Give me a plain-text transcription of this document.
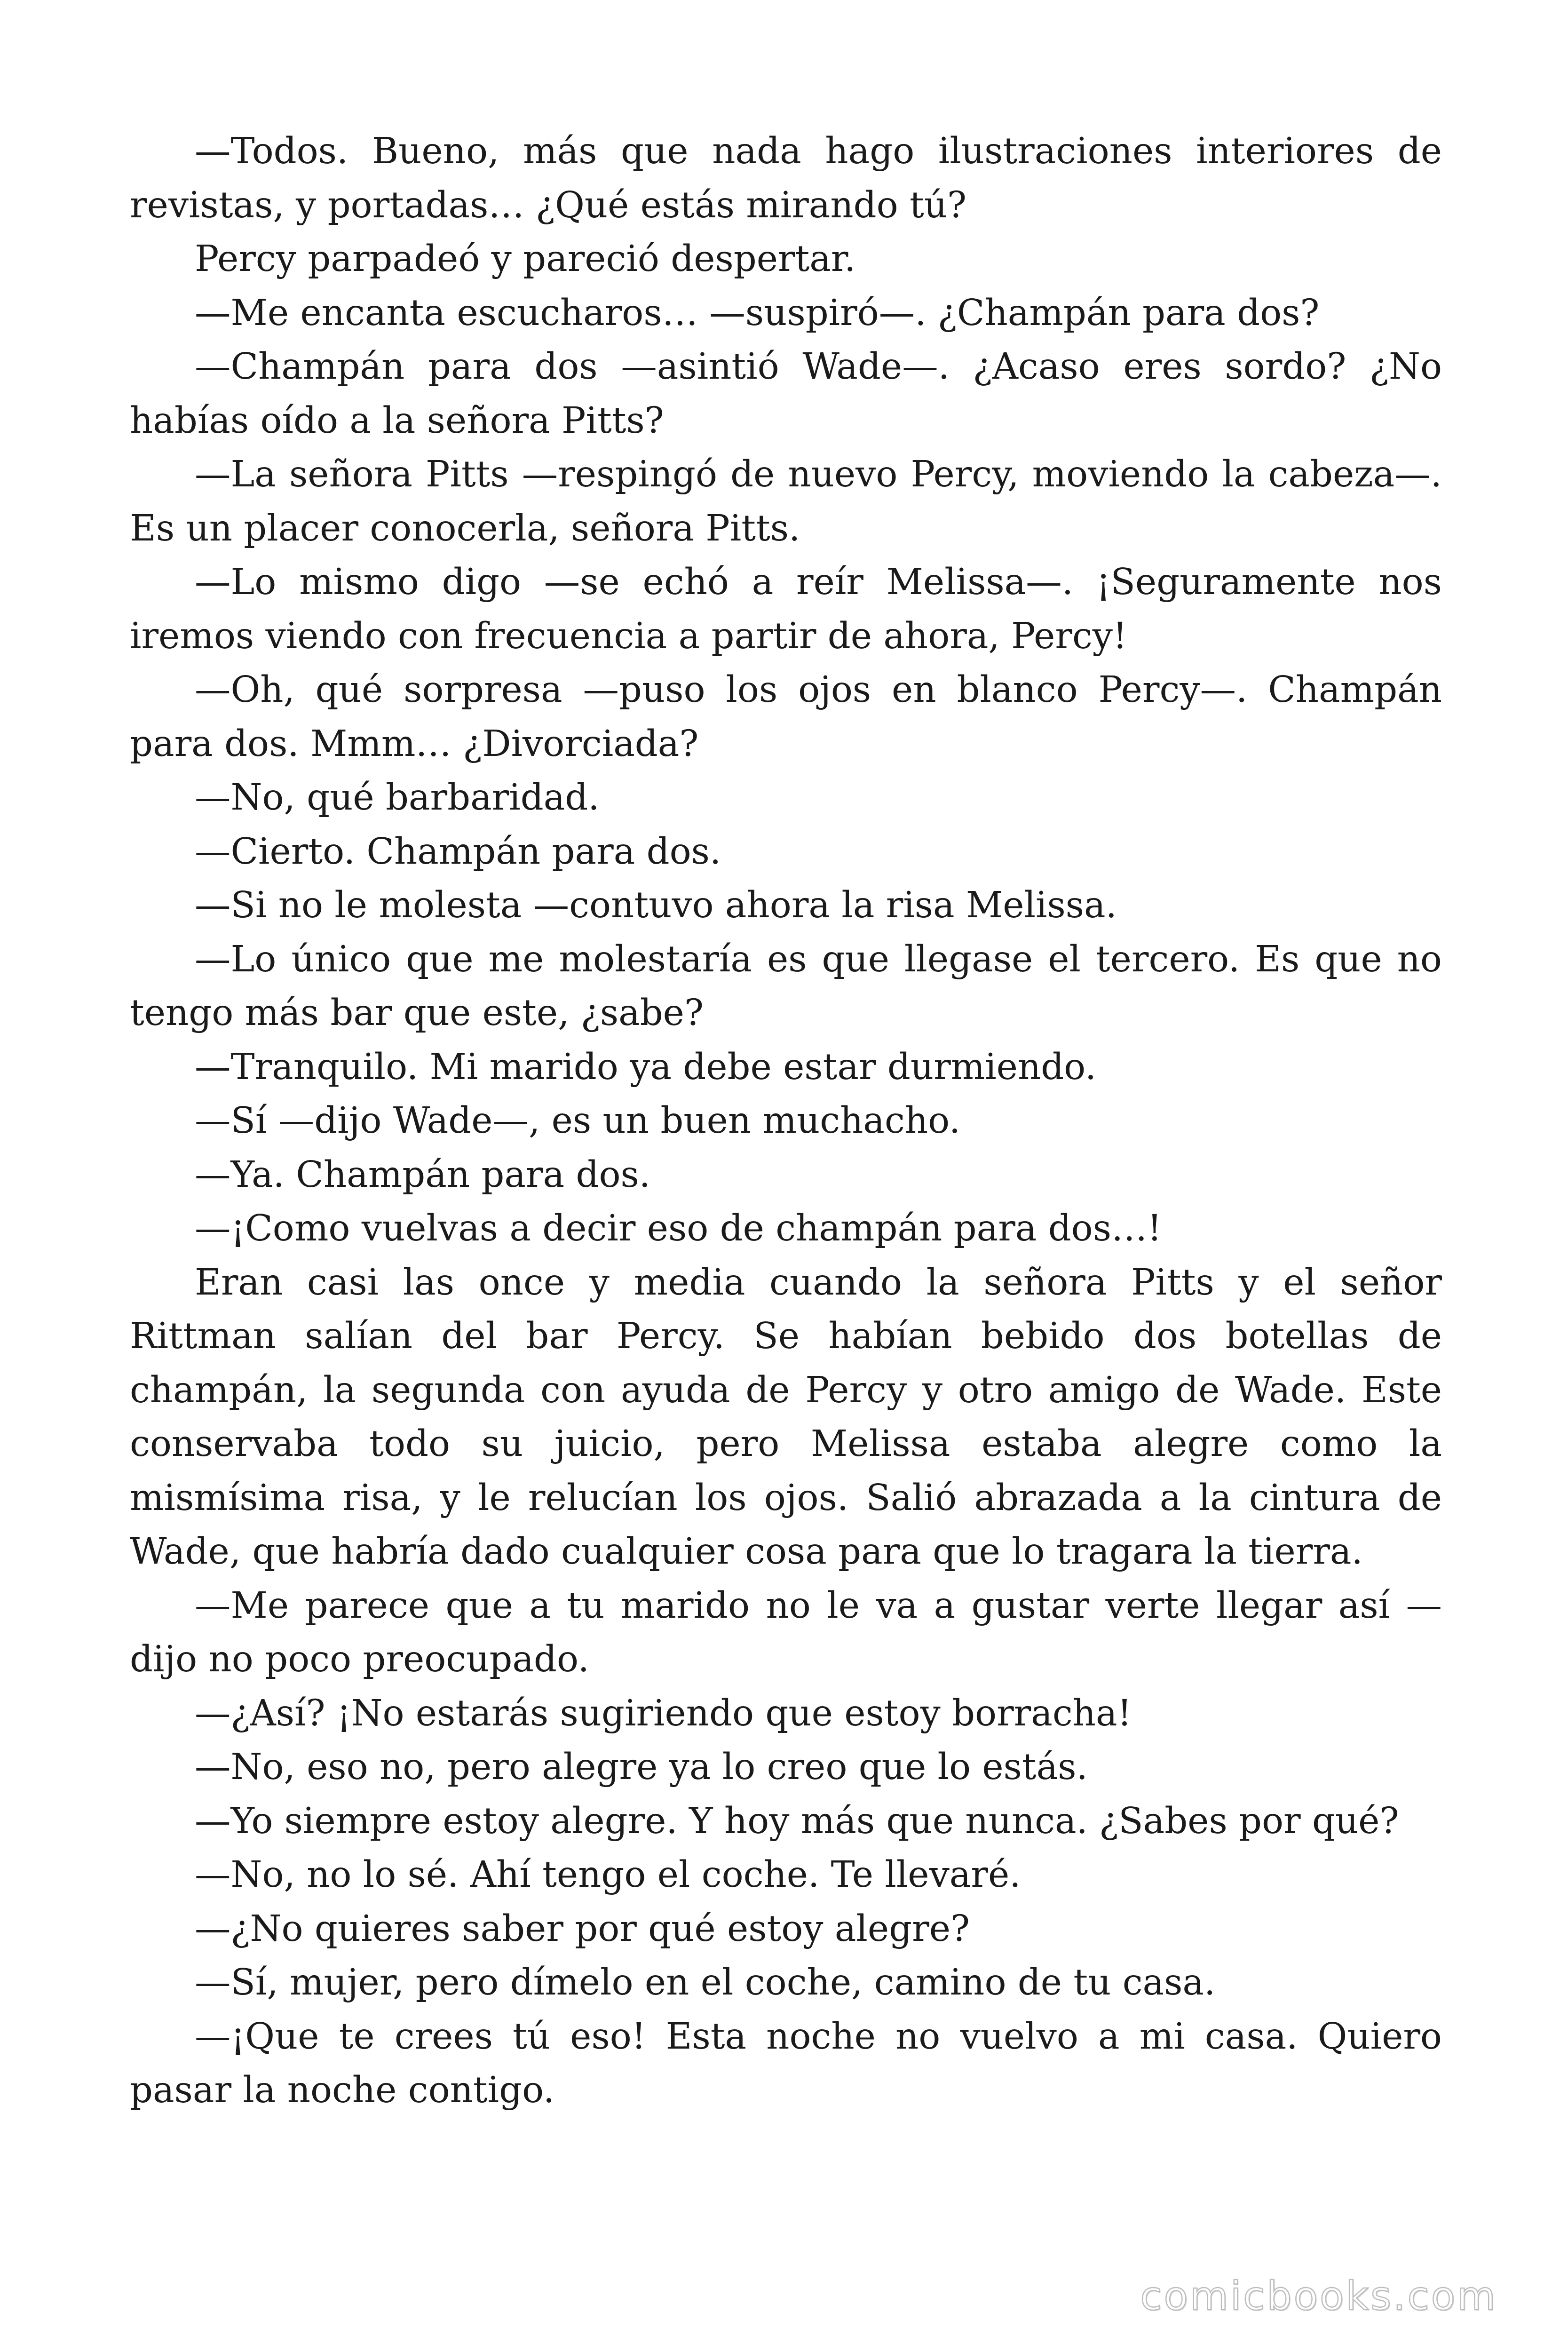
—Todos. Bueno, más que nada hago ilustraciones interiores de revistas, y portadas… ¿Qué estás mirando tú?

Percy parpadeó y pareció despertar.

—Me encanta escucharos… —suspiró—. ¿Champán para dos?

—Champán para dos —asintió Wade—. ¿Acaso eres sordo? ¿No habías oído a la señora Pitts?

—La señora Pitts —respingó de nuevo Percy, moviendo la cabeza—. Es un placer conocerla, señora Pitts.

—Lo mismo digo —se echó a reír Melissa—. ¡Seguramente nos iremos viendo con frecuencia a partir de ahora, Percy!

—Oh, qué sorpresa —puso los ojos en blanco Percy—. Champán para dos. Mmm… ¿Divorciada?

—No, qué barbaridad.

—Cierto. Champán para dos.

—Si no le molesta —contuvo ahora la risa Melissa.

—Lo único que me molestaría es que llegase el tercero. Es que no tengo más bar que este, ¿sabe?

—Tranquilo. Mi marido ya debe estar durmiendo.

—Sí —dijo Wade—, es un buen muchacho.

—Ya. Champán para dos.

—¡Como vuelvas a decir eso de champán para dos…!

Eran casi las once y media cuando la señora Pitts y el señor Rittman salían del bar Percy. Se habían bebido dos botellas de champán, la segunda con ayuda de Percy y otro amigo de Wade. Este conservaba todo su juicio, pero Melissa estaba alegre como la mismísima risa, y le relucían los ojos. Salió abrazada a la cintura de Wade, que habría dado cualquier cosa para que lo tragara la tierra.

—Me parece que a tu marido no le va a gustar verte llegar así — dijo no poco preocupado.

—¿Así? ¡No estarás sugiriendo que estoy borracha!

—No, eso no, pero alegre ya lo creo que lo estás.

—Yo siempre estoy alegre. Y hoy más que nunca. ¿Sabes por qué?

—No, no lo sé. Ahí tengo el coche. Te llevaré.

—¿No quieres saber por qué estoy alegre?

—Sí, mujer, pero dímelo en el coche, camino de tu casa.

—¡Que te crees tú eso! Esta noche no vuelvo a mi casa. Quiero pasar la noche contigo.

comicbooks.com
